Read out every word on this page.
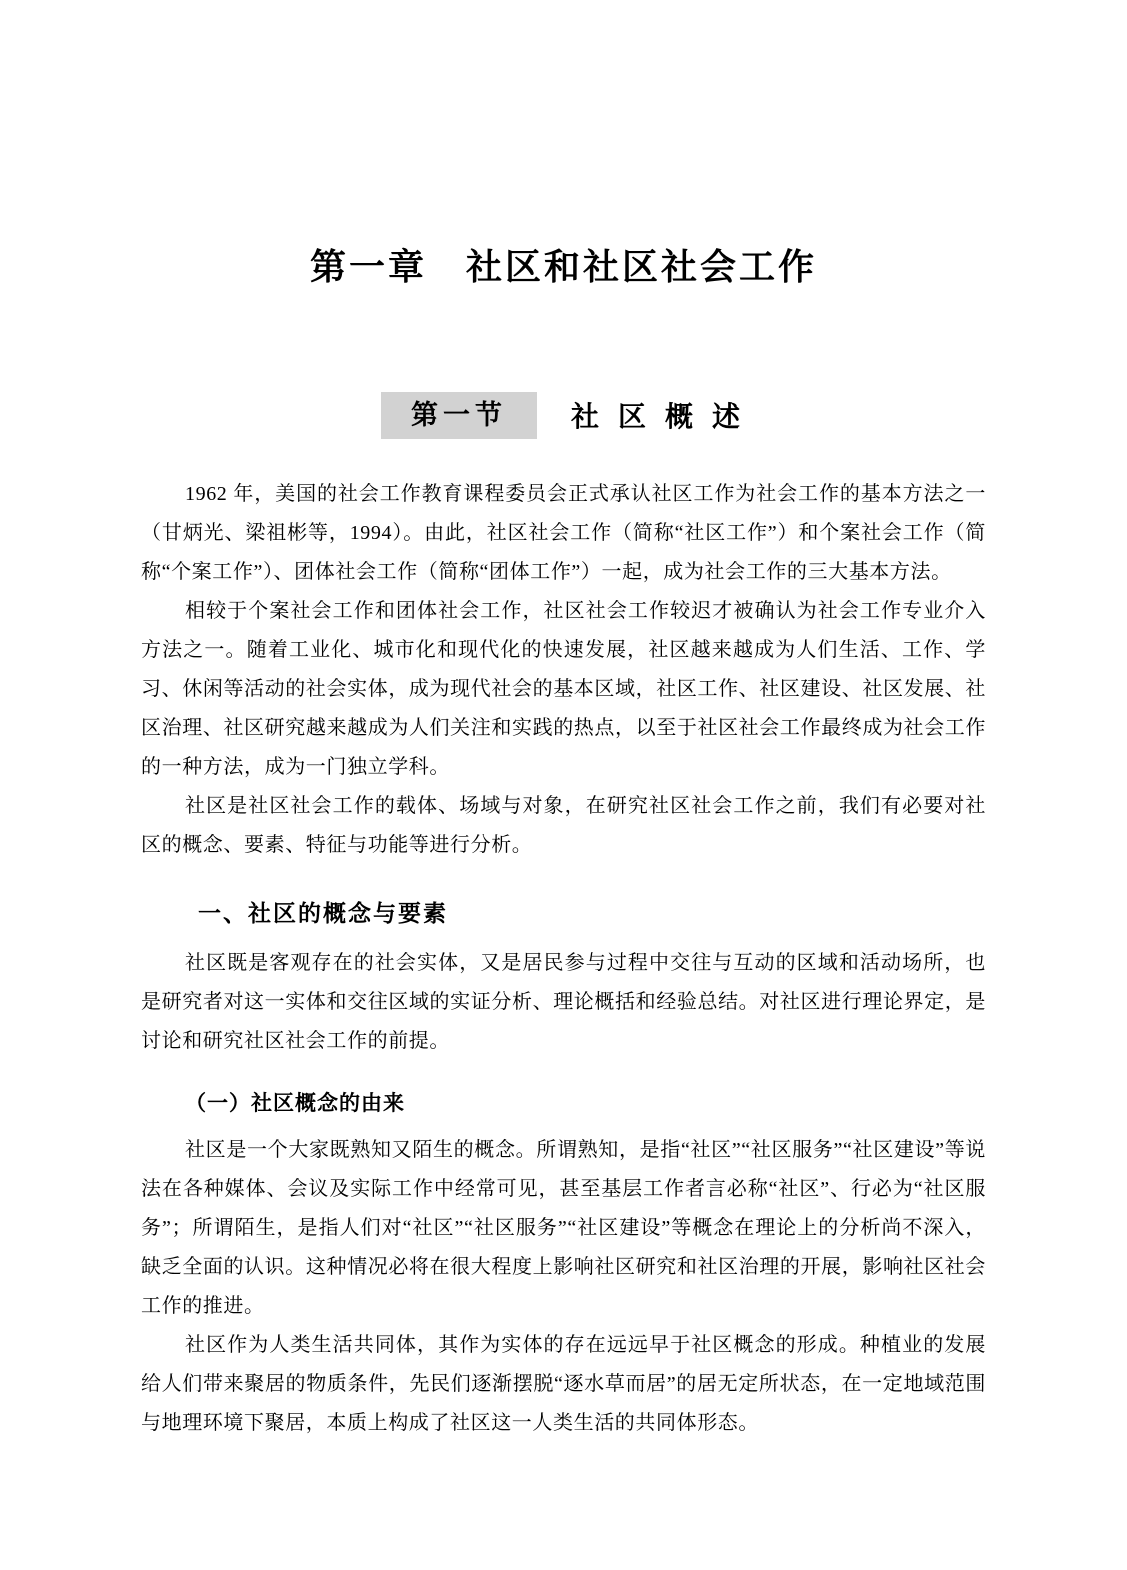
第一章　社区和社区社会工作
第一节	社 区 概 述

1962 年，美国的社会工作教育课程委员会正式承认社区工作为社会工作的基本方法之一（甘炳光、梁祖彬等，1994）。由此，社区社会工作（简称“社区工作”）和个案社会工作（简称“个案工作”）、团体社会工作（简称“团体工作”）一起，成为社会工作的三大基本方法。

相较于个案社会工作和团体社会工作，社区社会工作较迟才被确认为社会工作专业介入方法之一。随着工业化、城市化和现代化的快速发展，社区越来越成为人们生活、工作、学习、休闲等活动的社会实体，成为现代社会的基本区域，社区工作、社区建设、社区发展、社区治理、社区研究越来越成为人们关注和实践的热点，以至于社区社会工作最终成为社会工作的一种方法，成为一门独立学科。

社区是社区社会工作的载体、场域与对象，在研究社区社会工作之前，我们有必要对社区的概念、要素、特征与功能等进行分析。

一、社区的概念与要素

社区既是客观存在的社会实体，又是居民参与过程中交往与互动的区域和活动场所，也是研究者对这一实体和交往区域的实证分析、理论概括和经验总结。对社区进行理论界定，是讨论和研究社区社会工作的前提。

（一）社区概念的由来

社区是一个大家既熟知又陌生的概念。所谓熟知，是指“社区”“社区服务”“社区建设”等说法在各种媒体、会议及实际工作中经常可见，甚至基层工作者言必称“社区”、行必为“社区服务”；所谓陌生，是指人们对“社区”“社区服务”“社区建设”等概念在理论上的分析尚不深入，缺乏全面的认识。这种情况必将在很大程度上影响社区研究和社区治理的开展，影响社区社会工作的推进。

社区作为人类生活共同体，其作为实体的存在远远早于社区概念的形成。种植业的发展给人们带来聚居的物质条件，先民们逐渐摆脱“逐水草而居”的居无定所状态，在一定地域范围与地理环境下聚居，本质上构成了社区这一人类生活的共同体形态。
